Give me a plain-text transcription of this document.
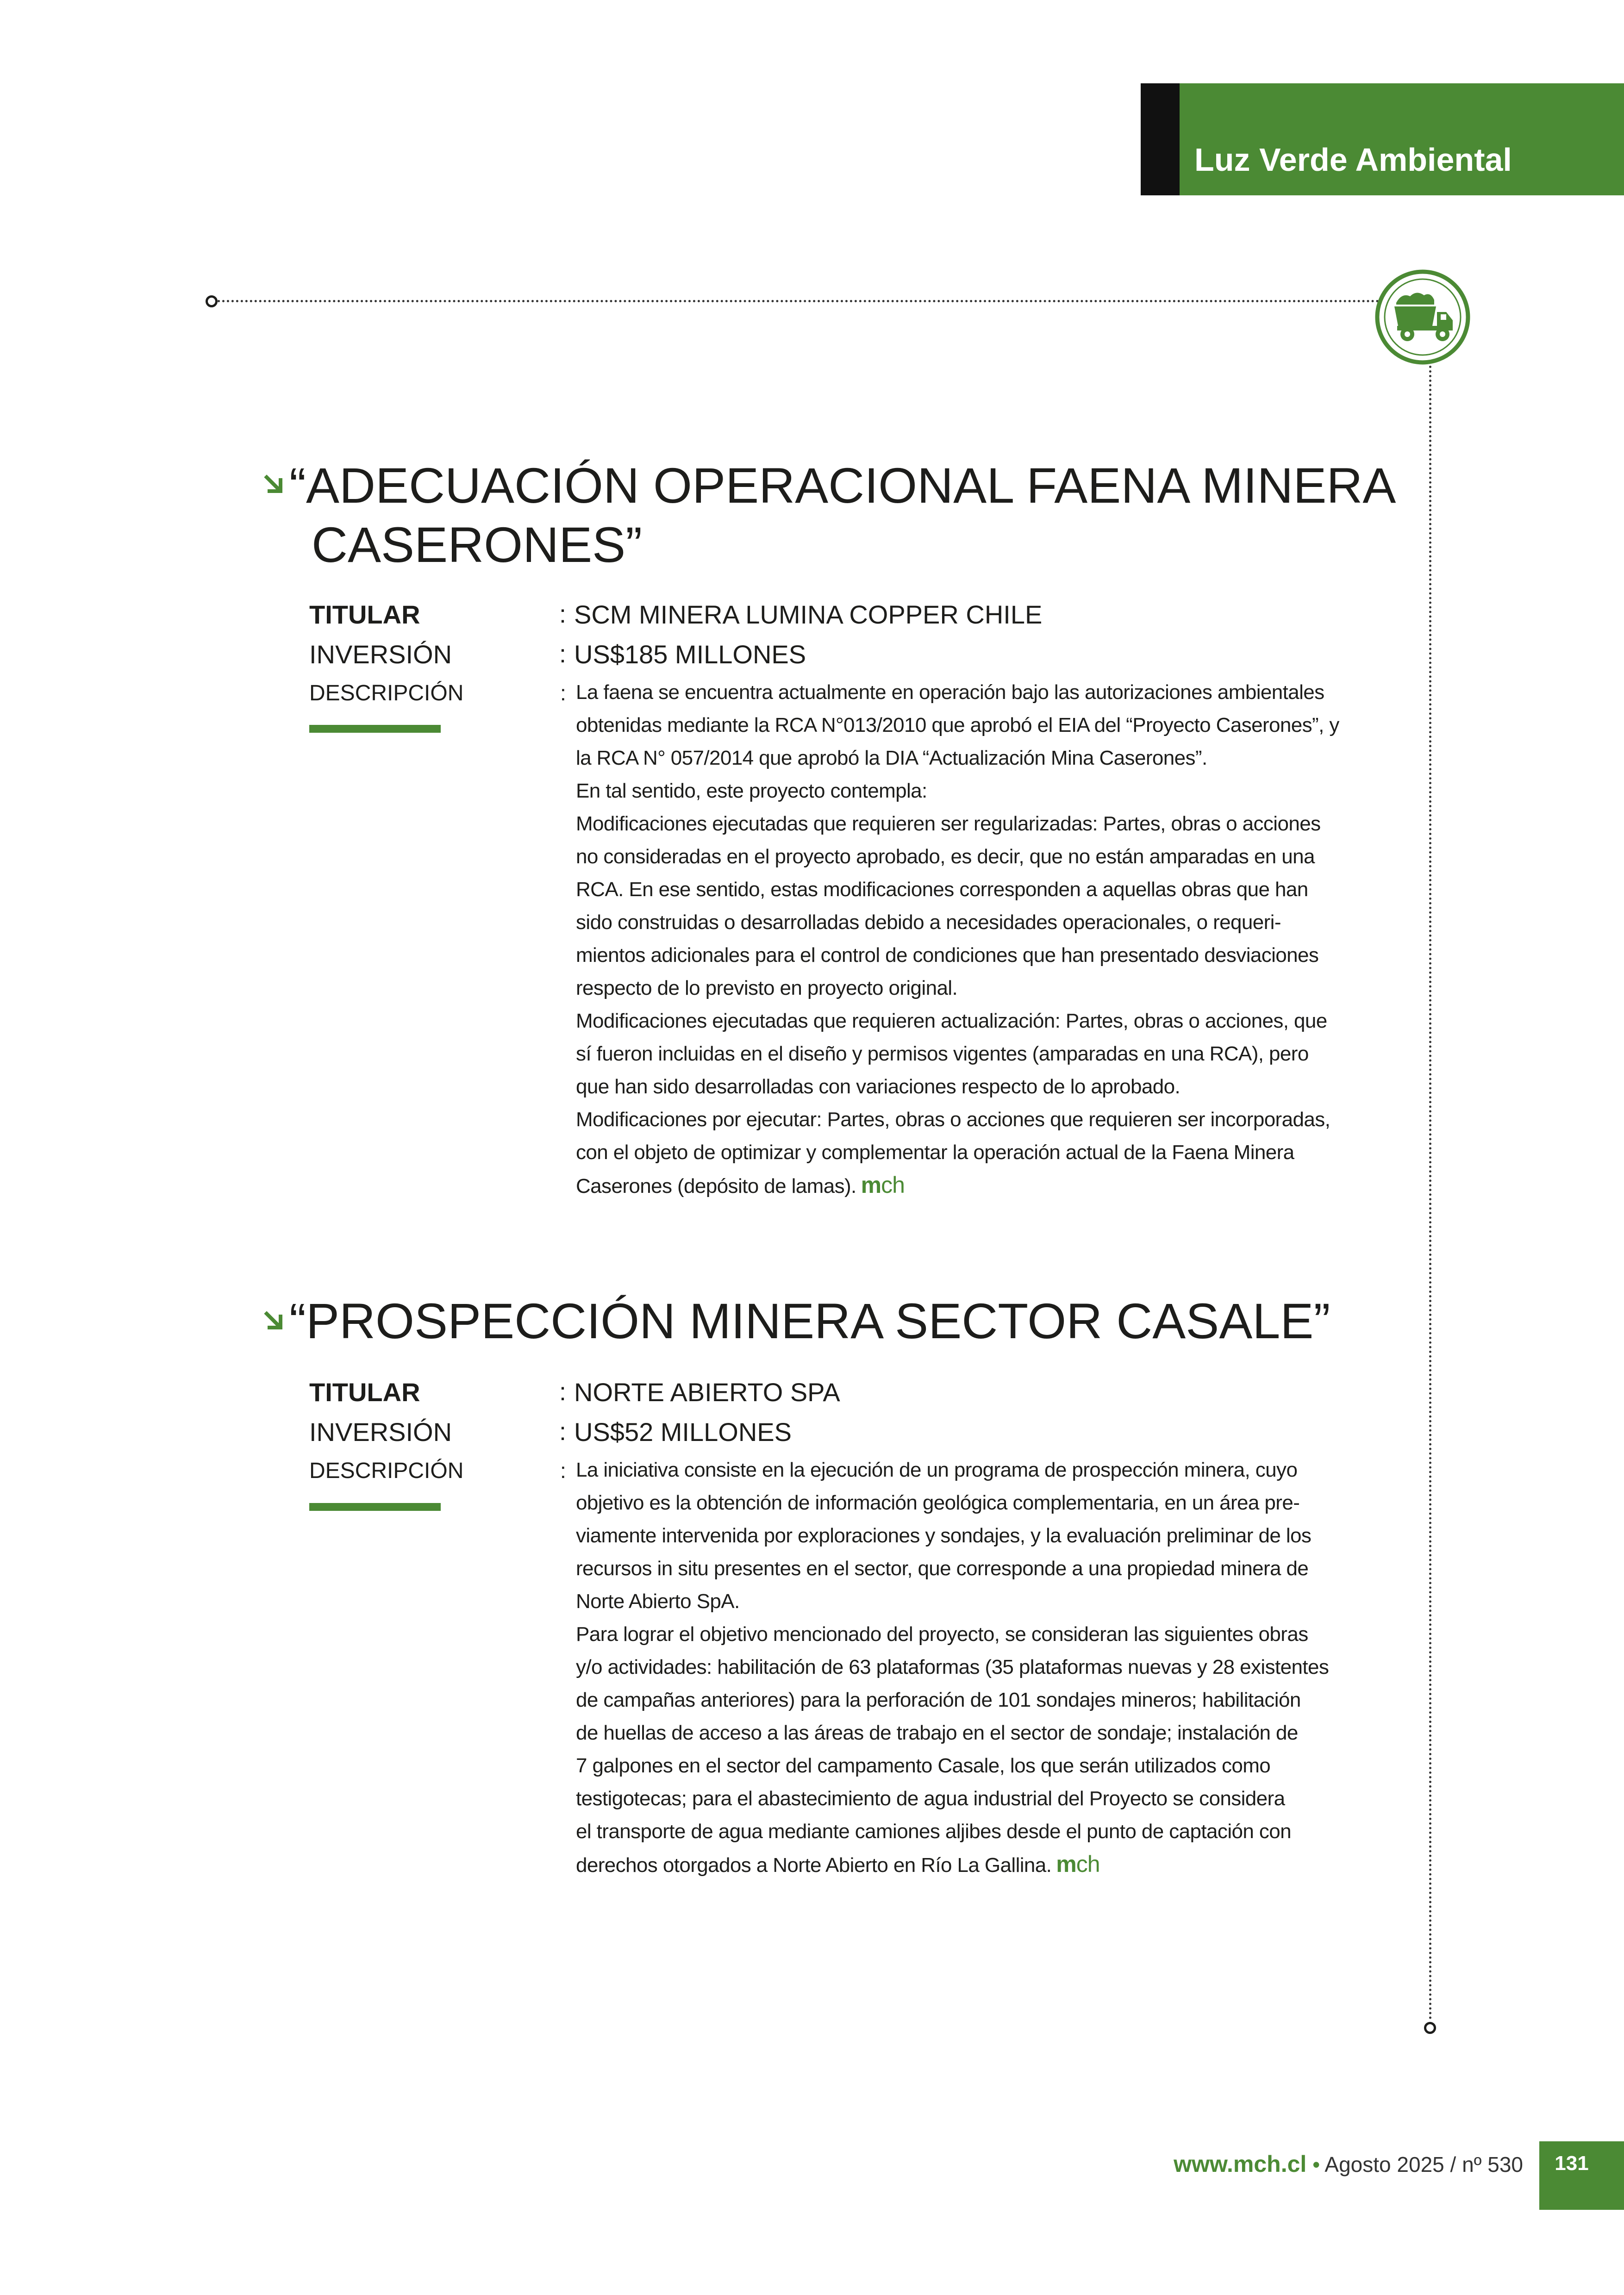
Luz Verde Ambiental
“ADECUACIÓN OPERACIONAL FAENA MINERA
CASERONES”
TITULAR	: SCM MINERA LUMINA COPPER CHILE
INVERSIÓN	: US$185 MILLONES
DESCRIPCIÓN	: La faena se encuentra actualmente en operación bajo las autorizaciones ambientales
obtenidas mediante la RCA N°013/2010 que aprobó el EIA del “Proyecto Caserones”, y
la RCA N° 057/2014 que aprobó la DIA “Actualización Mina Caserones”.
En tal sentido, este proyecto contempla:
Modificaciones ejecutadas que requieren ser regularizadas: Partes, obras o acciones
no consideradas en el proyecto aprobado, es decir, que no están amparadas en una
RCA. En ese sentido, estas modificaciones corresponden a aquellas obras que han
sido construidas o desarrolladas debido a necesidades operacionales, o requeri-
mientos adicionales para el control de condiciones que han presentado desviaciones
respecto de lo previsto en proyecto original.
Modificaciones ejecutadas que requieren actualización: Partes, obras o acciones, que
sí fueron incluidas en el diseño y permisos vigentes (amparadas en una RCA), pero
que han sido desarrolladas con variaciones respecto de lo aprobado.
Modificaciones por ejecutar: Partes, obras o acciones que requieren ser incorporadas,
con el objeto de optimizar y complementar la operación actual de la Faena Minera
Caserones (depósito de lamas). mch
“PROSPECCIÓN MINERA SECTOR CASALE”
TITULAR	: NORTE ABIERTO SPA
INVERSIÓN	: US$52 MILLONES
DESCRIPCIÓN	: La iniciativa consiste en la ejecución de un programa de prospección minera, cuyo
objetivo es la obtención de información geológica complementaria, en un área pre-
viamente intervenida por exploraciones y sondajes, y la evaluación preliminar de los
recursos in situ presentes en el sector, que corresponde a una propiedad minera de
Norte Abierto SpA.
Para lograr el objetivo mencionado del proyecto, se consideran las siguientes obras
y/o actividades: habilitación de 63 plataformas (35 plataformas nuevas y 28 existentes
de campañas anteriores) para la perforación de 101 sondajes mineros; habilitación
de huellas de acceso a las áreas de trabajo en el sector de sondaje; instalación de
7 galpones en el sector del campamento Casale, los que serán utilizados como
testigotecas; para el abastecimiento de agua industrial del Proyecto se considera
el transporte de agua mediante camiones aljibes desde el punto de captación con
derechos otorgados a Norte Abierto en Río La Gallina. mch
www.mch.cl • Agosto 2025 / nº 530	131
